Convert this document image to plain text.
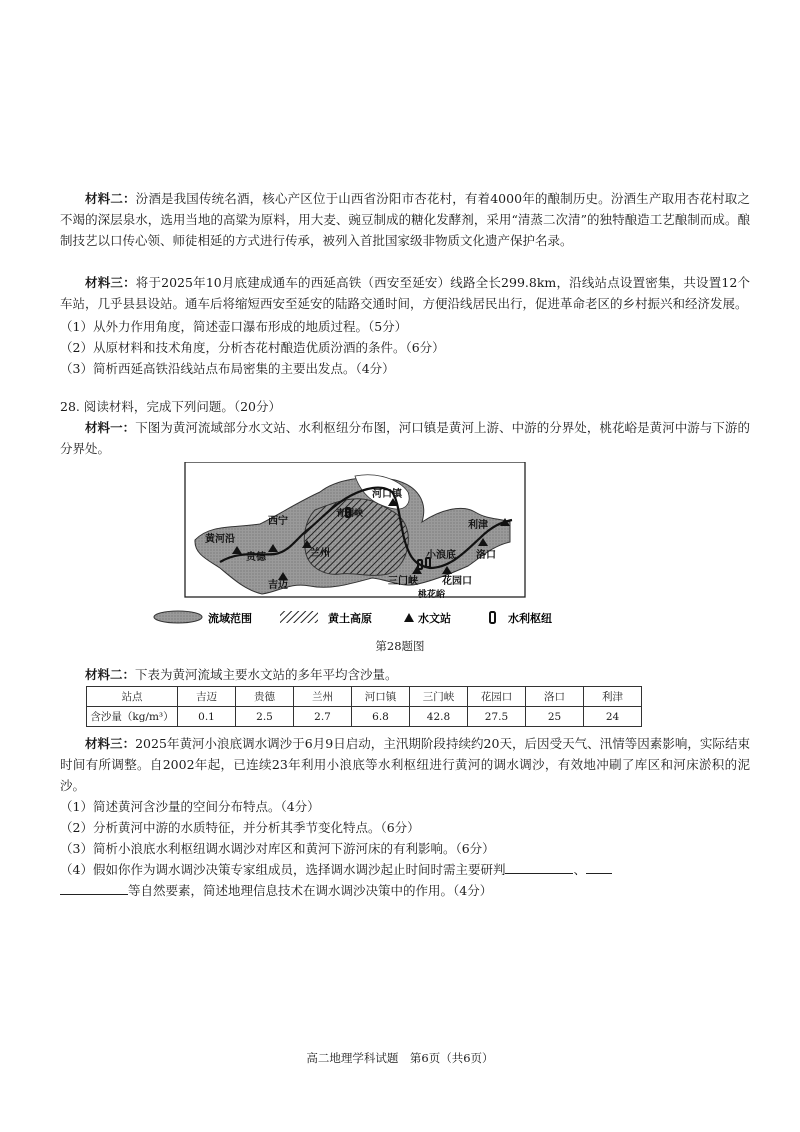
材料二：汾酒是我国传统名酒，核心产区位于山西省汾阳市杏花村，有着4000年的酿制历史。汾酒生产取用杏花村取之不竭的深层泉水，选用当地的高粱为原料，用大麦、豌豆制成的糖化发酵剂，采用“清蒸二次清”的独特酿造工艺酿制而成。酿制技艺以口传心领、师徒相延的方式进行传承，被列入首批国家级非物质文化遗产保护名录。
材料三：将于2025年10月底建成通车的西延高铁（西安至延安）线路全长299.8km，沿线站点设置密集，共设置12个车站，几乎县县设站。通车后将缩短西安至延安的陆路交通时间，方便沿线居民出行，促进革命老区的乡村振兴和经济发展。
（1）从外力作用角度，简述壶口瀑布形成的地质过程。（5分）
（2）从原材料和技术角度，分析杏花村酿造优质汾酒的条件。（6分）
（3）简析西延高铁沿线站点布局密集的主要出发点。（4分）
28. 阅读材料，完成下列问题。（20分）
材料一：下图为黄河流域部分水文站、水利枢纽分布图，河口镇是黄河上游、中游的分界处，桃花峪是黄河中游与下游的分界处。
河口镇
青铜峡
西宁
黄河沿
贵德	兰州
吉迈
利津
洛口
小浪底
三门峡 花园口
桃花峪
流域范围	黄土高原	水文站	水利枢纽
第28题图
材料二：下表为黄河流域主要水文站的多年平均含沙量。
站点	吉迈	贵德	兰州	河口镇	三门峡	花园口	洛口	利津
含沙量（kg/m³）	0.1	2.5	2.7	6.8	42.8	27.5	25	24
材料三：2025年黄河小浪底调水调沙于6月9日启动，主汛期阶段持续约20天，后因受天气、汛情等因素影响，实际结束时间有所调整。自2002年起，已连续23年利用小浪底等水利枢纽进行黄河的调水调沙，有效地冲刷了库区和河床淤积的泥沙。
（1）简述黄河含沙量的空间分布特点。（4分）
（2）分析黄河中游的水质特征，并分析其季节变化特点。（6分）
（3）简析小浪底水利枢纽调水调沙对库区和黄河下游河床的有利影响。（6分）
（4）假如你作为调水调沙决策专家组成员，选择调水调沙起止时间时需主要研判	、
等自然要素，简述地理信息技术在调水调沙决策中的作用。（4分）
高二地理学科试题　第6页（共6页）
